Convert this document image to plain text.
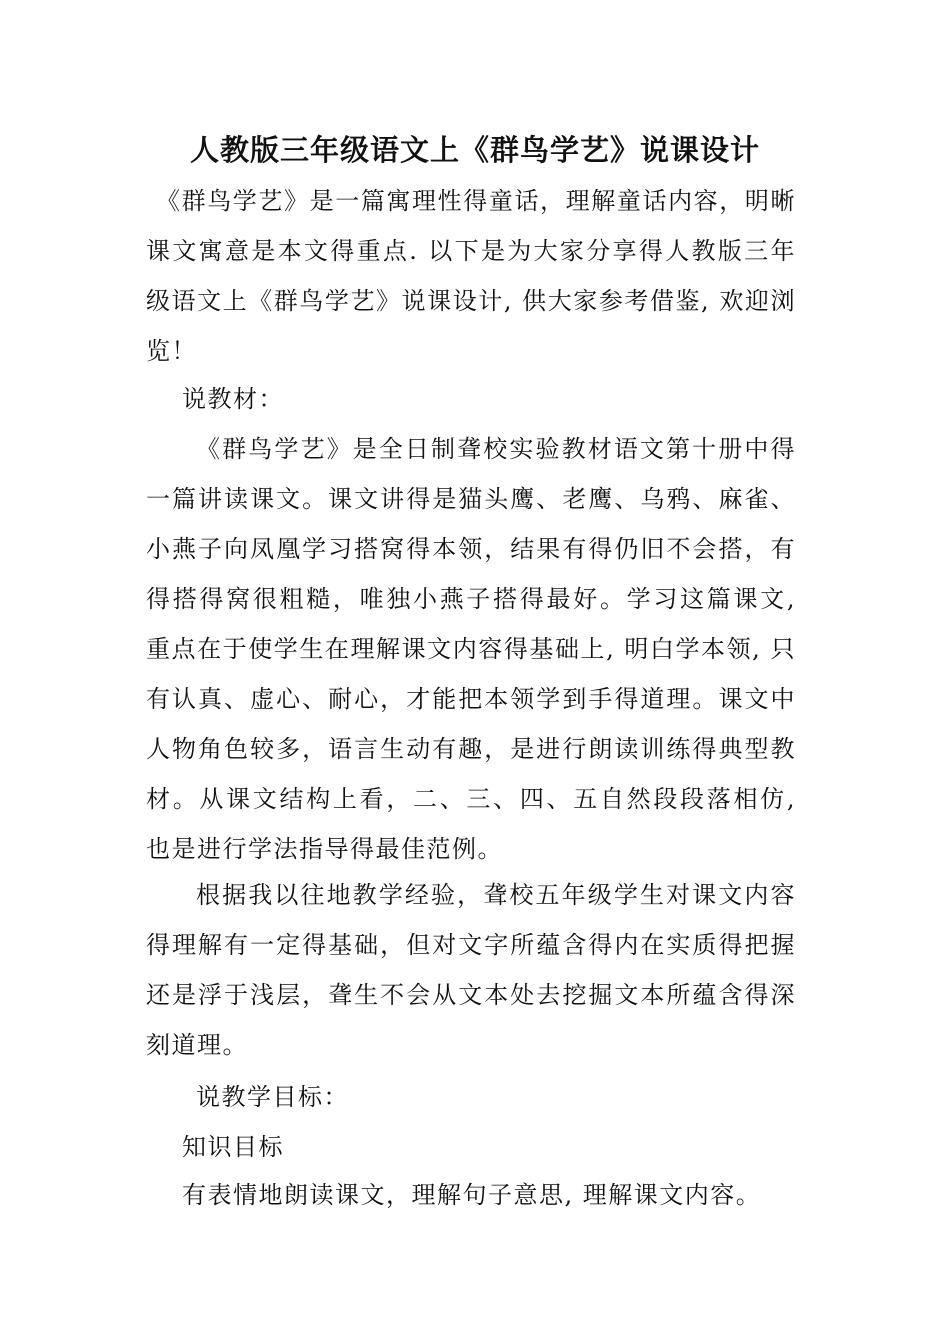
人教版三年级语文上《群鸟学艺》说课设计

《群鸟学艺》是一篇寓理性得童话，理解童话内容，明晰课文寓意是本文得重点. 以下是为大家分享得人教版三年级语文上《群鸟学艺》说课设计, 供大家参考借鉴, 欢迎浏览！

说教材：

《群鸟学艺》是全日制聋校实验教材语文第十册中得一篇讲读课文。课文讲得是猫头鹰、老鹰、乌鸦、麻雀、小燕子向凤凰学习搭窝得本领，结果有得仍旧不会搭，有得搭得窝很粗糙，唯独小燕子搭得最好。学习这篇课文, 重点在于使学生在理解课文内容得基础上, 明白学本领, 只有认真、虚心、耐心，才能把本领学到手得道理。课文中人物角色较多，语言生动有趣，是进行朗读训练得典型教材。从课文结构上看，二、三、四、五自然段段落相仿, 也是进行学法指导得最佳范例。

根据我以往地教学经验，聋校五年级学生对课文内容得理解有一定得基础，但对文字所蕴含得内在实质得把握还是浮于浅层，聋生不会从文本处去挖掘文本所蕴含得深刻道理。

说教学目标：

知识目标

有表情地朗读课文，理解句子意思, 理解课文内容。
